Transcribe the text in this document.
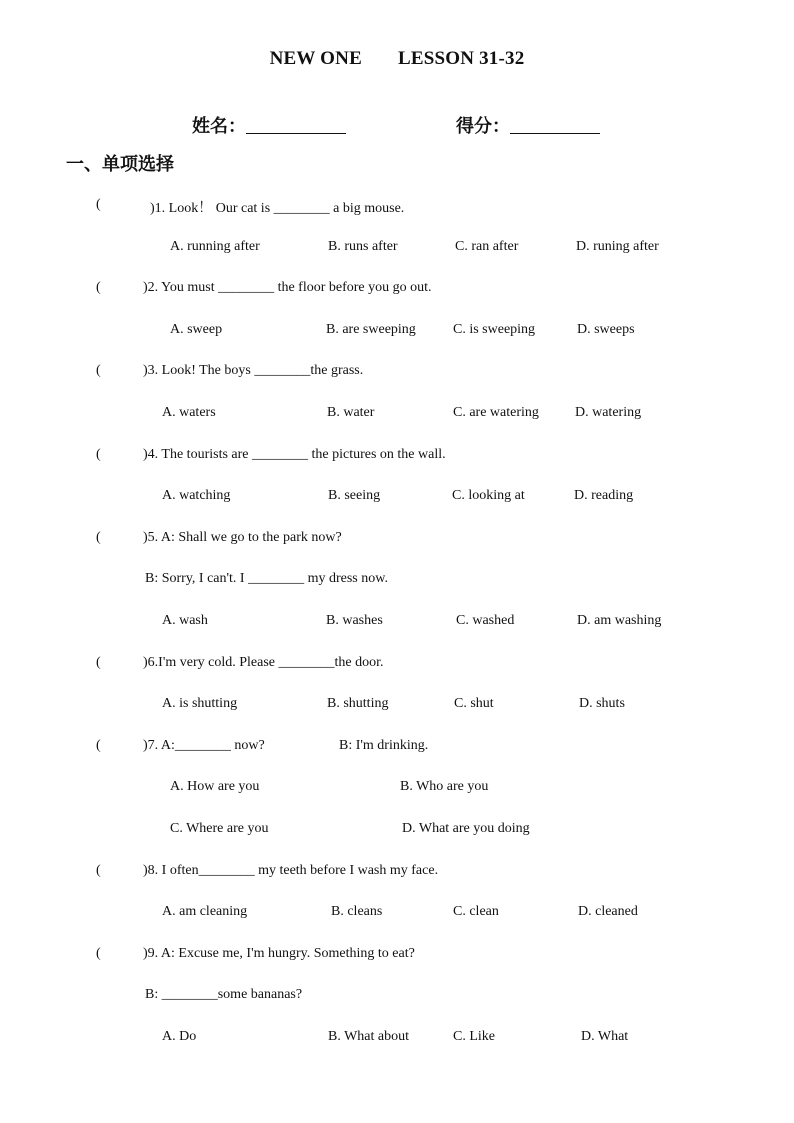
NEW ONE LESSON 31-32
姓名：	得分：
一、单项选择
(	)1. Look！ Our cat is ________ a big mouse.
A. running after	B. runs after	C. ran after	D. runing after
(	)2. You must ________ the floor before you go out.
A. sweep	B. are sweeping	C. is sweeping	D. sweeps
(	)3. Look! The boys ________the grass.
A. waters	B. water	C. are watering	D. watering
(	)4. The tourists are ________ the pictures on the wall.
A. watching	B. seeing	C. looking at	D. reading
(	)5. A: Shall we go to the park now?
B: Sorry, I can't. I ________ my dress now.
A. wash	B. washes	C. washed	D. am washing
(	)6.I'm very cold. Please ________the door.
A. is shutting	B. shutting	C. shut	D. shuts
(	)7. A:________ now?	B: I'm drinking.
A. How are you	B. Who are you
C. Where are you	D. What are you doing
(	)8. I often________ my teeth before I wash my face.
A. am cleaning	B. cleans	C. clean	D. cleaned
(	)9. A: Excuse me, I'm hungry. Something to eat?
B: ________some bananas?
A. Do	B. What about	C. Like	D. What
